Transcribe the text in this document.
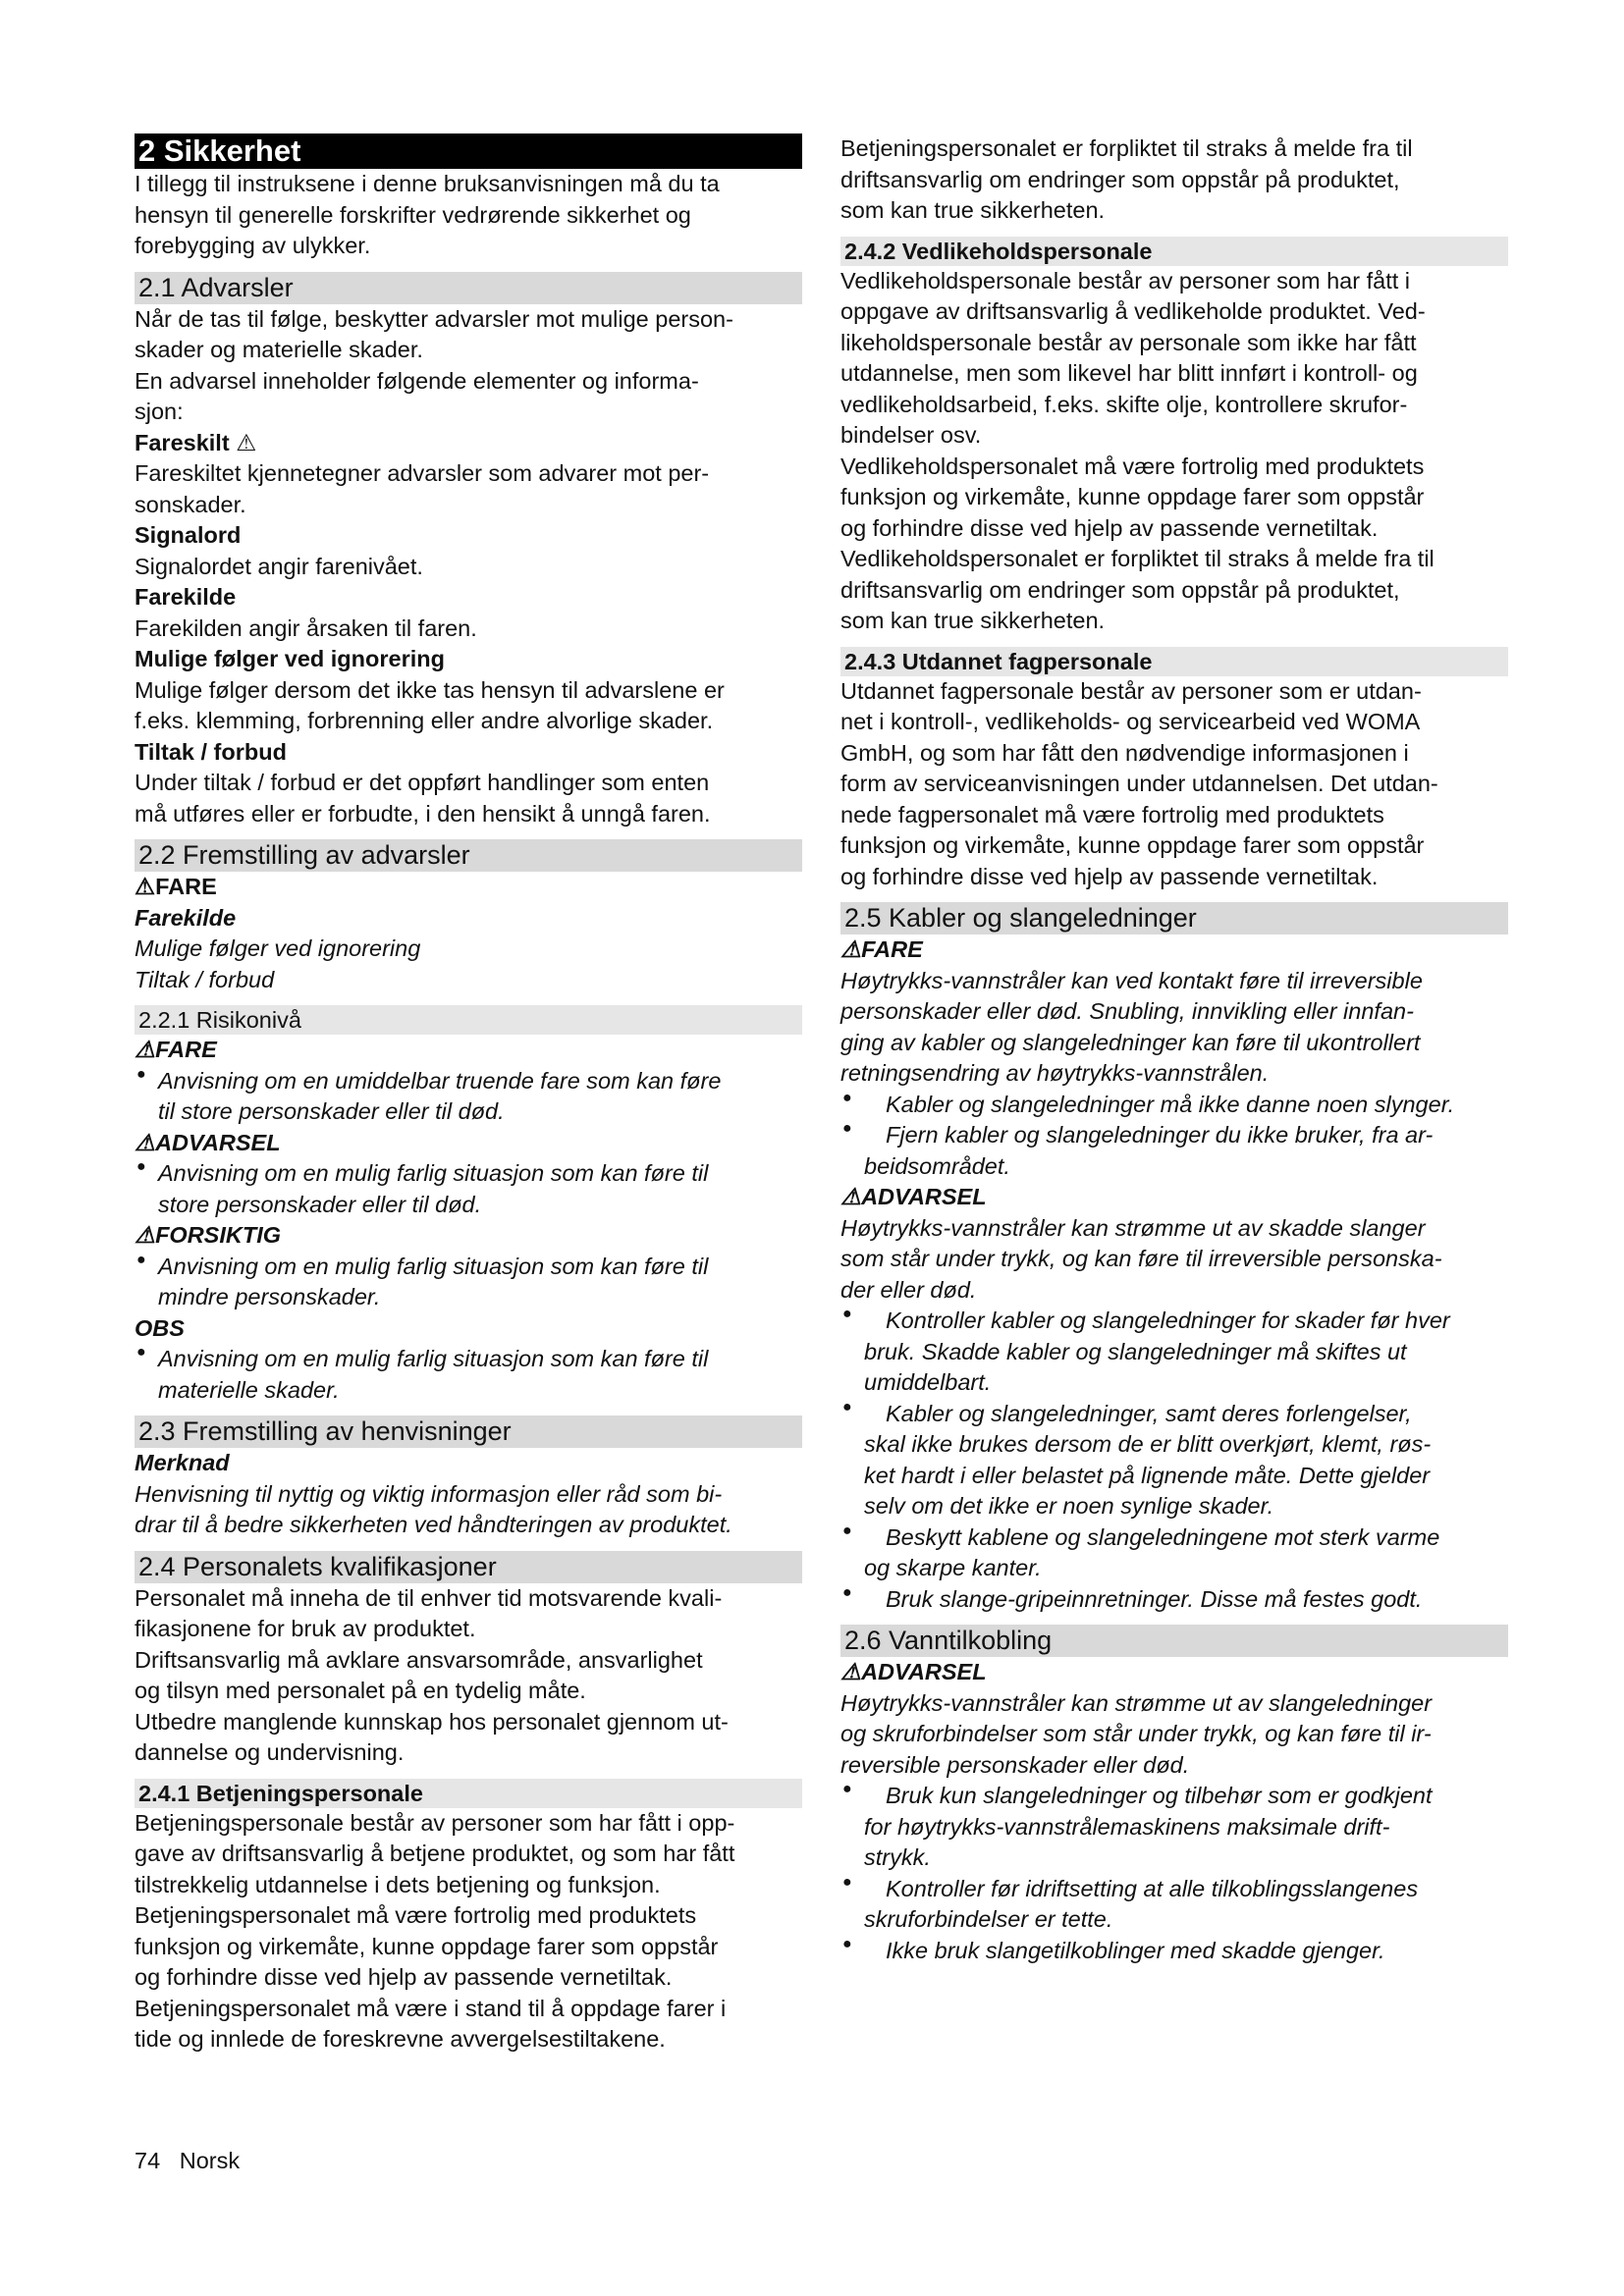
2 Sikkerhet

I tillegg til instruksene i denne bruksanvisningen må du ta
hensyn til generelle forskrifter vedrørende sikkerhet og
forebygging av ulykker.

2.1 Advarsler

Når de tas til følge, beskytter advarsler mot mulige person-
skader og materielle skader.

En advarsel inneholder følgende elementer og informa-
sjon:

Fareskilt ⚠

Fareskiltet kjennetegner advarsler som advarer mot per-
sonskader.

Signalord

Signalordet angir farenivået.

Farekilde

Farekilden angir årsaken til faren.

Mulige følger ved ignorering

Mulige følger dersom det ikke tas hensyn til advarslene er
f.eks. klemming, forbrenning eller andre alvorlige skader.

Tiltak / forbud

Under tiltak / forbud er det oppført handlinger som enten
må utføres eller er forbudte, i den hensikt å unngå faren.

2.2 Fremstilling av advarsler

⚠FARE

Farekilde

Mulige følger ved ignorering

Tiltak / forbud

2.2.1 Risikonivå

⚠FARE

● Anvisning om en umiddelbar truende fare som kan føre

til store personskader eller til død.

⚠ADVARSEL

● Anvisning om en mulig farlig situasjon som kan føre til

store personskader eller til død.

⚠FORSIKTIG

● Anvisning om en mulig farlig situasjon som kan føre til

mindre personskader.

OBS

● Anvisning om en mulig farlig situasjon som kan føre til

materielle skader.

2.3 Fremstilling av henvisninger

Merknad

Henvisning til nyttig og viktig informasjon eller råd som bi-
drar til å bedre sikkerheten ved håndteringen av produktet.

2.4 Personalets kvalifikasjoner

Personalet må inneha de til enhver tid motsvarende kvali-
fikasjonene for bruk av produktet.
Driftsansvarlig må avklare ansvarsområde, ansvarlighet
og tilsyn med personalet på en tydelig måte.
Utbedre manglende kunnskap hos personalet gjennom ut-
dannelse og undervisning.

2.4.1 Betjeningspersonale

Betjeningspersonale består av personer som har fått i opp-
gave av driftsansvarlig å betjene produktet, og som har fått
tilstrekkelig utdannelse i dets betjening og funksjon.
Betjeningspersonalet må være fortrolig med produktets
funksjon og virkemåte, kunne oppdage farer som oppstår
og forhindre disse ved hjelp av passende vernetiltak.
Betjeningspersonalet må være i stand til å oppdage farer i
tide og innlede de foreskrevne avvergelsestiltakene.

Betjeningspersonalet er forpliktet til straks å melde fra til
driftsansvarlig om endringer som oppstår på produktet,
som kan true sikkerheten.

2.4.2 Vedlikeholdspersonale

Vedlikeholdspersonale består av personer som har fått i
oppgave av driftsansvarlig å vedlikeholde produktet. Ved-
likeholdspersonale består av personale som ikke har fått
utdannelse, men som likevel har blitt innført i kontroll- og
vedlikeholdsarbeid, f.eks. skifte olje, kontrollere skrufor-
bindelser osv.
Vedlikeholdspersonalet må være fortrolig med produktets
funksjon og virkemåte, kunne oppdage farer som oppstår
og forhindre disse ved hjelp av passende vernetiltak.
Vedlikeholdspersonalet er forpliktet til straks å melde fra til
driftsansvarlig om endringer som oppstår på produktet,
som kan true sikkerheten.

2.4.3 Utdannet fagpersonale

Utdannet fagpersonale består av personer som er utdan-
net i kontroll-, vedlikeholds- og servicearbeid ved WOMA
GmbH, og som har fått den nødvendige informasjonen i
form av serviceanvisningen under utdannelsen. Det utdan-
nede fagpersonalet må være fortrolig med produktets
funksjon og virkemåte, kunne oppdage farer som oppstår
og forhindre disse ved hjelp av passende vernetiltak.

2.5 Kabler og slangeledninger

⚠FARE

Høytrykks-vannstråler kan ved kontakt føre til irreversible
personskader eller død. Snubling, innvikling eller innfan-
ging av kabler og slangeledninger kan føre til ukontrollert
retningsendring av høytrykks-vannstrålen.

● Kabler og slangeledninger må ikke danne noen slynger.

● Fjern kabler og slangeledninger du ikke bruker, fra ar-

beidsområdet.

⚠ADVARSEL

Høytrykks-vannstråler kan strømme ut av skadde slanger
som står under trykk, og kan føre til irreversible personska-
der eller død.

● Kontroller kabler og slangeledninger for skader før hver

bruk. Skadde kabler og slangeledninger må skiftes ut

umiddelbart.

● Kabler og slangeledninger, samt deres forlengelser,

skal ikke brukes dersom de er blitt overkjørt, klemt, røs-

ket hardt i eller belastet på lignende måte. Dette gjelder

selv om det ikke er noen synlige skader.

● Beskytt kablene og slangeledningene mot sterk varme

og skarpe kanter.

● Bruk slange-gripeinnretninger. Disse må festes godt.

2.6 Vanntilkobling

⚠ADVARSEL

Høytrykks-vannstråler kan strømme ut av slangeledninger
og skruforbindelser som står under trykk, og kan føre til ir-
reversible personskader eller død.

● Bruk kun slangeledninger og tilbehør som er godkjent

for høytrykks-vannstrålemaskinens maksimale drift-

strykk.

● Kontroller før idriftsetting at alle tilkoblingsslangenes

skruforbindelser er tette.

● Ikke bruk slangetilkoblinger med skadde gjenger.

74 Norsk
